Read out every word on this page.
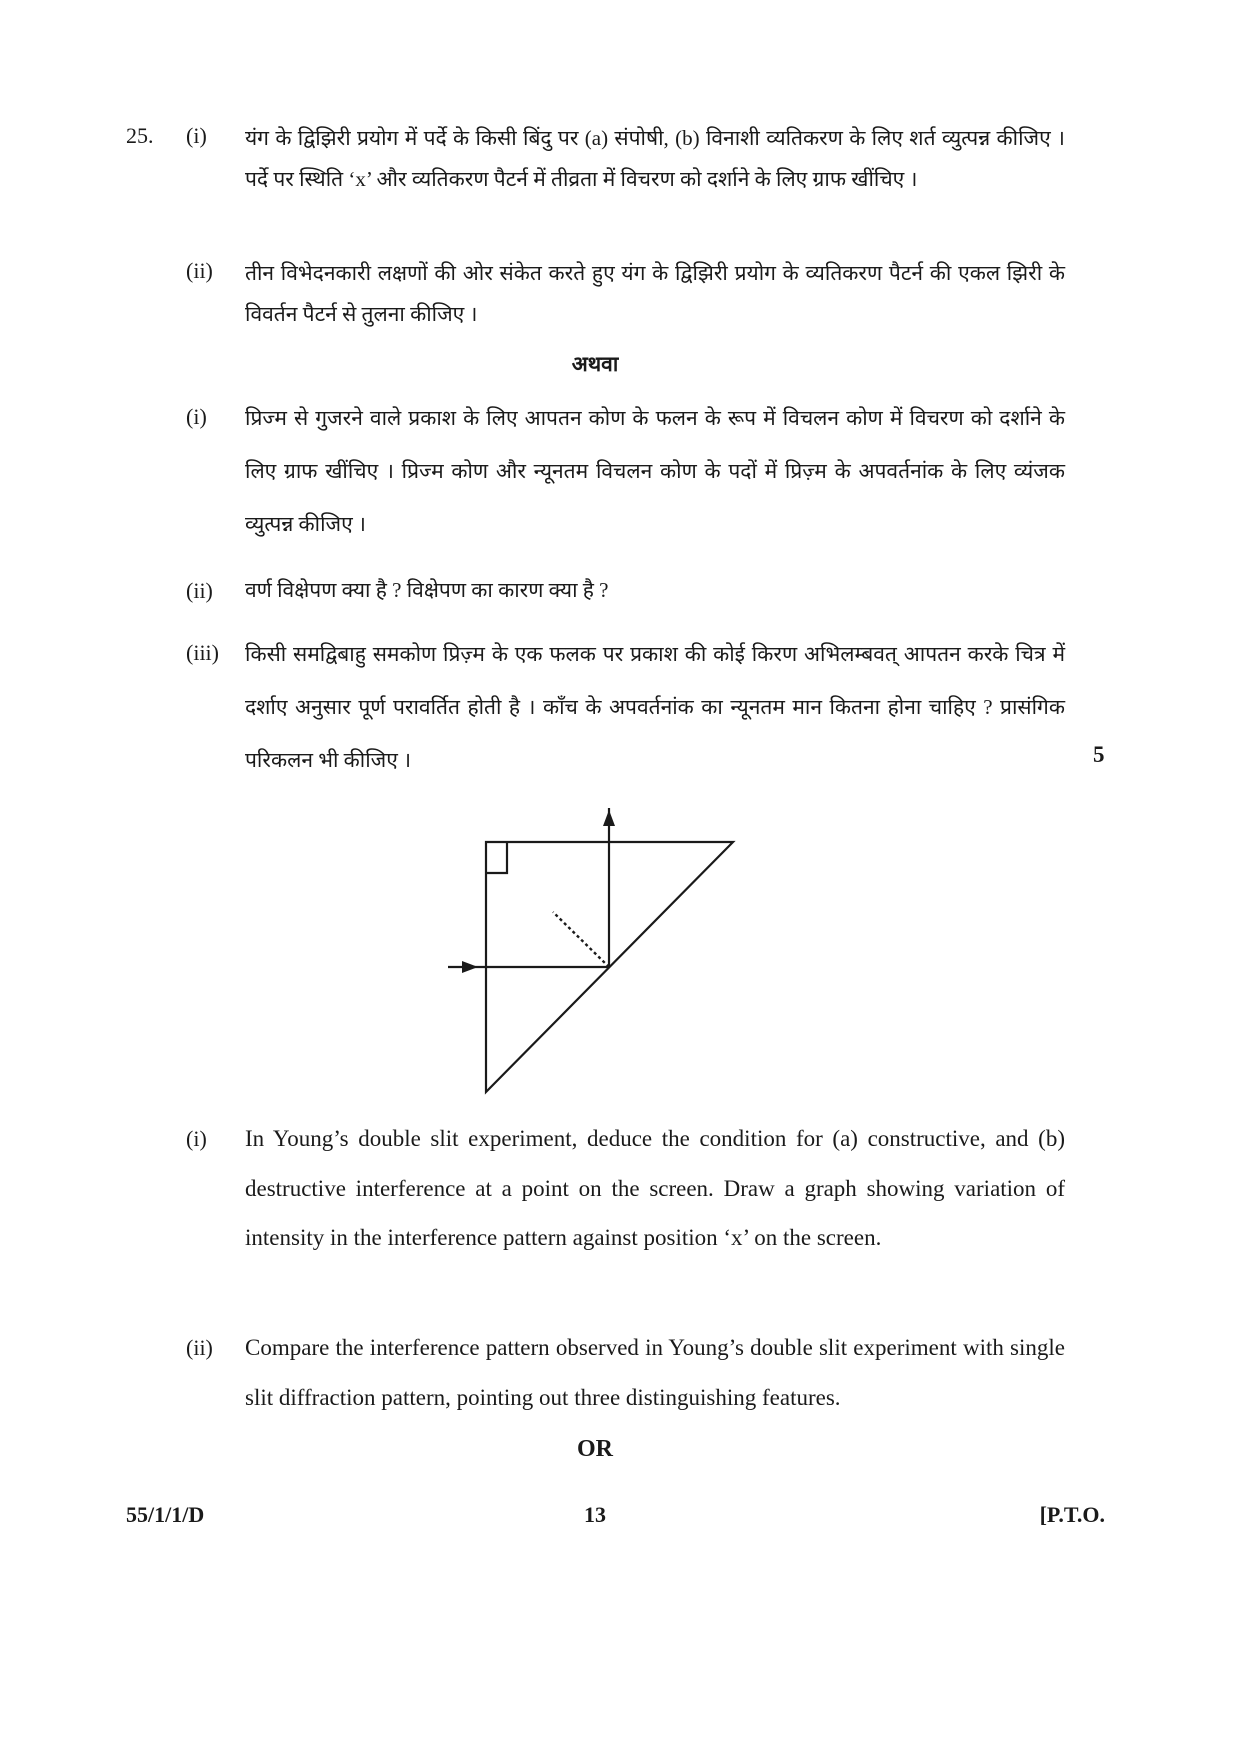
25. (i) यंग के द्विझिरी प्रयोग में पर्दे के किसी बिंदु पर (a) संपोषी, (b) विनाशी व्यतिकरण के लिए शर्त व्युत्पन्न कीजिए । पर्दे पर स्थिति ‘x’ और व्यतिकरण पैटर्न में तीव्रता में विचरण को दर्शाने के लिए ग्राफ खींचिए ।
(ii) तीन विभेदनकारी लक्षणों की ओर संकेत करते हुए यंग के द्विझिरी प्रयोग के व्यतिकरण पैटर्न की एकल झिरी के विवर्तन पैटर्न से तुलना कीजिए ।
अथवा
(i) प्रिज्म से गुजरने वाले प्रकाश के लिए आपतन कोण के फलन के रूप में विचलन कोण में विचरण को दर्शाने के लिए ग्राफ खींचिए । प्रिज्म कोण और न्यूनतम विचलन कोण के पदों में प्रिज़्म के अपवर्तनांक के लिए व्यंजक व्युत्पन्न कीजिए ।
(ii) वर्ण विक्षेपण क्या है ? विक्षेपण का कारण क्या है ?
(iii) किसी समद्विबाहु समकोण प्रिज़्म के एक फलक पर प्रकाश की कोई किरण अभिलम्बवत् आपतन करके चित्र में दर्शाए अनुसार पूर्ण परावर्तित होती है । काँच के अपवर्तनांक का न्यूनतम मान कितना होना चाहिए ? प्रासंगिक परिकलन भी कीजिए ।	5
(i) In Young’s double slit experiment, deduce the condition for (a) constructive, and (b) destructive interference at a point on the screen. Draw a graph showing variation of intensity in the interference pattern against position ‘x’ on the screen.
(ii) Compare the interference pattern observed in Young’s double slit experiment with single slit diffraction pattern, pointing out three distinguishing features.
OR
55/1/1/D	13	[P.T.O.
